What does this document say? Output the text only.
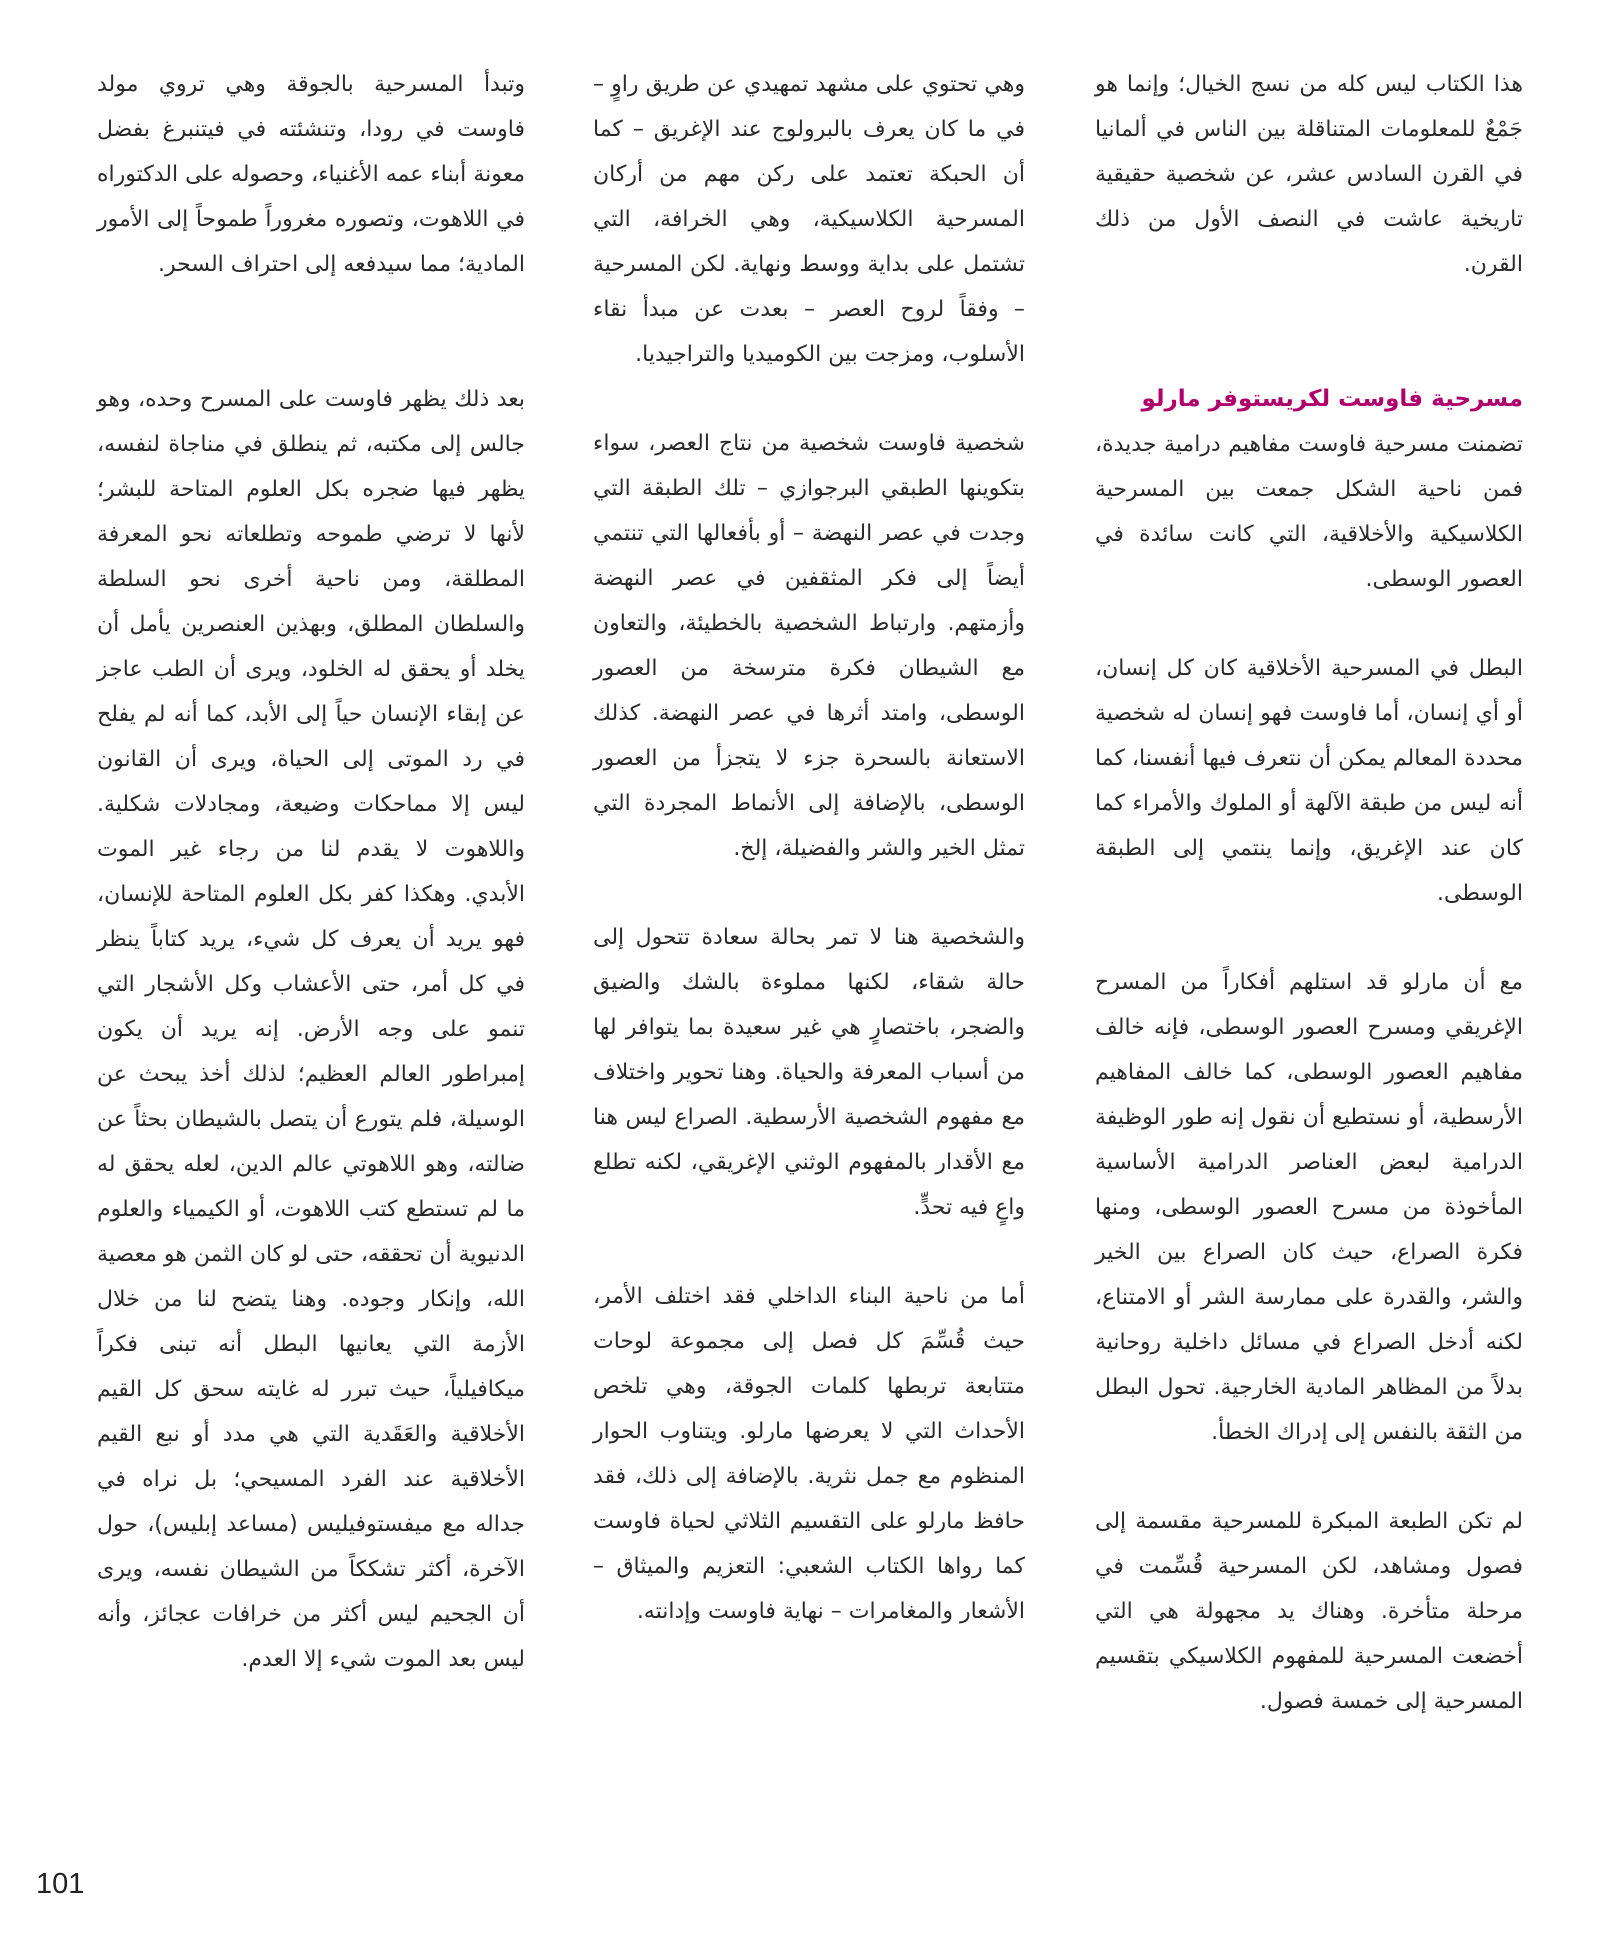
هذا الكتاب ليس كله من نسج الخيال؛ وإنما هو جَمْعٌ للمعلومات المتناقلة بين الناس في ألمانيا في القرن السادس عشر، عن شخصية حقيقية تاريخية عاشت في النصف الأول من ذلك القرن.

مسرحية فاوست لكريستوفر مارلو

تضمنت مسرحية فاوست مفاهيم درامية جديدة، فمن ناحية الشكل جمعت بين المسرحية الكلاسيكية والأخلاقية، التي كانت سائدة في العصور الوسطى.

البطل في المسرحية الأخلاقية كان كل إنسان، أو أي إنسان، أما فاوست فهو إنسان له شخصية محددة المعالم يمكن أن نتعرف فيها أنفسنا، كما أنه ليس من طبقة الآلهة أو الملوك والأمراء كما كان عند الإغريق، وإنما ينتمي إلى الطبقة الوسطى.

مع أن مارلو قد استلهم أفكاراً من المسرح الإغريقي ومسرح العصور الوسطى، فإنه خالف مفاهيم العصور الوسطى، كما خالف المفاهيم الأرسطية، أو نستطيع أن نقول إنه طور الوظيفة الدرامية لبعض العناصر الدرامية الأساسية المأخوذة من مسرح العصور الوسطى، ومنها فكرة الصراع، حيث كان الصراع بين الخير والشر، والقدرة على ممارسة الشر أو الامتناع، لكنه أدخل الصراع في مسائل داخلية روحانية بدلاً من المظاهر المادية الخارجية. تحول البطل من الثقة بالنفس إلى إدراك الخطأ.

لم تكن الطبعة المبكرة للمسرحية مقسمة إلى فصول ومشاهد، لكن المسرحية قُسِّمت في مرحلة متأخرة. وهناك يد مجهولة هي التي أخضعت المسرحية للمفهوم الكلاسيكي بتقسيم المسرحية إلى خمسة فصول.

وهي تحتوي على مشهد تمهيدي عن طريق راوٍ – في ما كان يعرف بالبرولوج عند الإغريق – كما أن الحبكة تعتمد على ركن مهم من أركان المسرحية الكلاسيكية، وهي الخرافة، التي تشتمل على بداية ووسط ونهاية. لكن المسرحية – وفقاً لروح العصر – بعدت عن مبدأ نقاء الأسلوب، ومزجت بين الكوميديا والتراجيديا.

شخصية فاوست شخصية من نتاج العصر، سواء بتكوينها الطبقي البرجوازي – تلك الطبقة التي وجدت في عصر النهضة – أو بأفعالها التي تنتمي أيضاً إلى فكر المثقفين في عصر النهضة وأزمتهم. وارتباط الشخصية بالخطيئة، والتعاون مع الشيطان فكرة مترسخة من العصور الوسطى، وامتد أثرها في عصر النهضة. كذلك الاستعانة بالسحرة جزء لا يتجزأ من العصور الوسطى، بالإضافة إلى الأنماط المجردة التي تمثل الخير والشر والفضيلة، إلخ.

والشخصية هنا لا تمر بحالة سعادة تتحول إلى حالة شقاء، لكنها مملوءة بالشك والضيق والضجر، باختصارٍ هي غير سعيدة بما يتوافر لها من أسباب المعرفة والحياة. وهنا تحوير واختلاف مع مفهوم الشخصية الأرسطية. الصراع ليس هنا مع الأقدار بالمفهوم الوثني الإغريقي، لكنه تطلع واعٍ فيه تحدٍّ.

أما من ناحية البناء الداخلي فقد اختلف الأمر، حيث قُسِّمَ كل فصل إلى مجموعة لوحات متتابعة تربطها كلمات الجوقة، وهي تلخص الأحداث التي لا يعرضها مارلو. ويتناوب الحوار المنظوم مع جمل نثرية. بالإضافة إلى ذلك، فقد حافظ مارلو على التقسيم الثلاثي لحياة فاوست كما رواها الكتاب الشعبي: التعزيم والميثاق – الأشعار والمغامرات – نهاية فاوست وإدانته.

وتبدأ المسرحية بالجوقة وهي تروي مولد فاوست في رودا، وتنشئته في فيتنبرغ بفضل معونة أبناء عمه الأغنياء، وحصوله على الدكتوراه في اللاهوت، وتصوره مغروراً طموحاً إلى الأمور المادية؛ مما سيدفعه إلى احتراف السحر.

بعد ذلك يظهر فاوست على المسرح وحده، وهو جالس إلى مكتبه، ثم ينطلق في مناجاة لنفسه، يظهر فيها ضجره بكل العلوم المتاحة للبشر؛ لأنها لا ترضي طموحه وتطلعاته نحو المعرفة المطلقة، ومن ناحية أخرى نحو السلطة والسلطان المطلق، وبهذين العنصرين يأمل أن يخلد أو يحقق له الخلود، ويرى أن الطب عاجز عن إبقاء الإنسان حياً إلى الأبد، كما أنه لم يفلح في رد الموتى إلى الحياة، ويرى أن القانون ليس إلا مماحكات وضيعة، ومجادلات شكلية. واللاهوت لا يقدم لنا من رجاء غير الموت الأبدي. وهكذا كفر بكل العلوم المتاحة للإنسان، فهو يريد أن يعرف كل شيء، يريد كتاباً ينظر في كل أمر، حتى الأعشاب وكل الأشجار التي تنمو على وجه الأرض. إنه يريد أن يكون إمبراطور العالم العظيم؛ لذلك أخذ يبحث عن الوسيلة، فلم يتورع أن يتصل بالشيطان بحثاً عن ضالته، وهو اللاهوتي عالم الدين، لعله يحقق له ما لم تستطع كتب اللاهوت، أو الكيمياء والعلوم الدنيوية أن تحققه، حتى لو كان الثمن هو معصية الله، وإنكار وجوده. وهنا يتضح لنا من خلال الأزمة التي يعانيها البطل أنه تبنى فكراً ميكافيلياً، حيث تبرر له غايته سحق كل القيم الأخلاقية والعَقَدية التي هي مدد أو نبع القيم الأخلاقية عند الفرد المسيحي؛ بل نراه في جداله مع ميفستوفيليس (مساعد إبليس)، حول الآخرة، أكثر تشككاً من الشيطان نفسه، ويرى أن الجحيم ليس أكثر من خرافات عجائز، وأنه ليس بعد الموت شيء إلا العدم.

101
